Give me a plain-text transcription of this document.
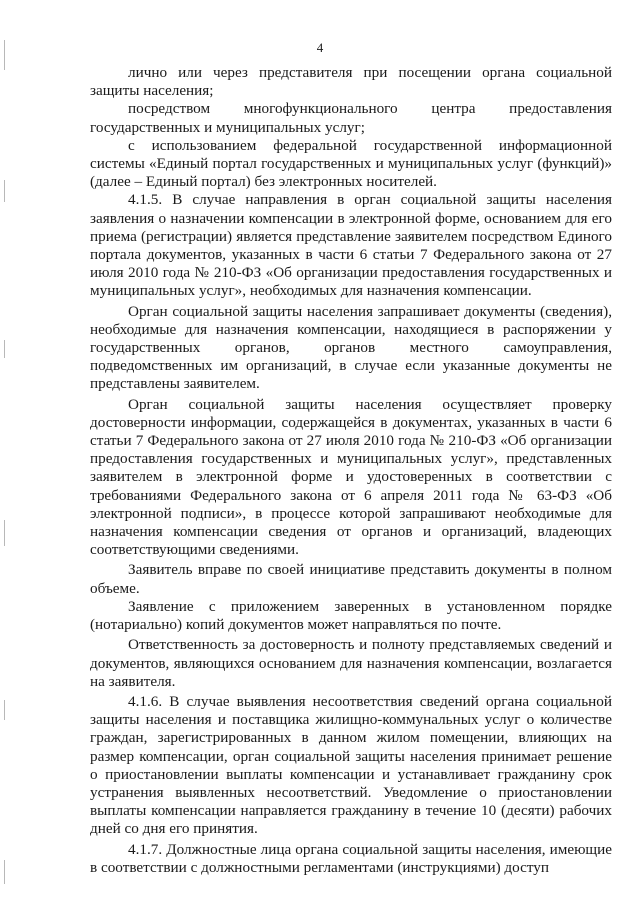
4

лично или через представителя при посещении органа социальной защиты населения;

посредством многофункционального центра предоставления государственных и муниципальных услуг;

с использованием федеральной государственной информационной системы «Единый портал государственных и муниципальных услуг (функций)» (далее – Единый портал) без электронных носителей.

4.1.5. В случае направления в орган социальной защиты населения заявления о назначении компенсации в электронной форме, основанием для его приема (регистрации) является представление заявителем посредством Единого портала документов, указанных в части 6 статьи 7 Федерального закона от 27 июля 2010 года № 210-ФЗ «Об организации предоставления государственных и муниципальных услуг», необходимых для назначения компенсации.

Орган социальной защиты населения запрашивает документы (сведения), необходимые для назначения компенсации, находящиеся в распоряжении у государственных органов, органов местного самоуправления, подведомственных им организаций, в случае если указанные документы не представлены заявителем.

Орган социальной защиты населения осуществляет проверку достоверности информации, содержащейся в документах, указанных в части 6 статьи 7 Федерального закона от 27 июля 2010 года № 210-ФЗ «Об организации предоставления государственных и муниципальных услуг», представленных заявителем в электронной форме и удостоверенных в соответствии с требованиями Федерального закона от 6 апреля 2011 года № 63-ФЗ «Об электронной подписи», в процессе которой запрашивают необходимые для назначения компенсации сведения от органов и организаций, владеющих соответствующими сведениями.

Заявитель вправе по своей инициативе представить документы в полном объеме.

Заявление с приложением заверенных в установленном порядке (нотариально) копий документов может направляться по почте.

Ответственность за достоверность и полноту представляемых сведений и документов, являющихся основанием для назначения компенсации, возлагается на заявителя.

4.1.6. В случае выявления несоответствия сведений органа социальной защиты населения и поставщика жилищно-коммунальных услуг о количестве граждан, зарегистрированных в данном жилом помещении, влияющих на размер компенсации, орган социальной защиты населения принимает решение о приостановлении выплаты компенсации и устанавливает гражданину срок устранения выявленных несоответствий. Уведомление о приостановлении выплаты компенсации направляется гражданину в течение 10 (десяти) рабочих дней со дня его принятия.

4.1.7. Должностные лица органа социальной защиты населения, имеющие в соответствии с должностными регламентами (инструкциями) доступ
